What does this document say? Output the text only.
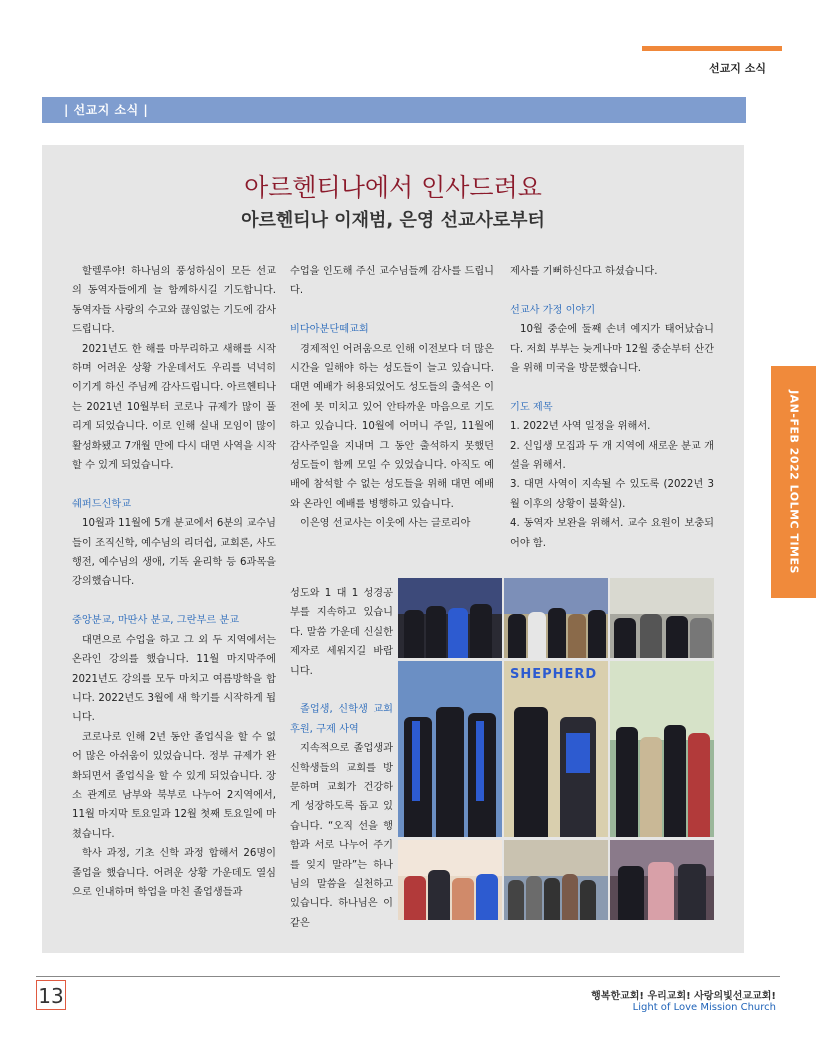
선교지 소식
| 선교지 소식 |
아르헨티나에서 인사드려요
아르헨티나 이재범, 은영 선교사로부터

할렐루야! 하나님의 풍성하심이 모든 선교의 동역자들에게 늘 함께하시길 기도합니다. 동역자들 사랑의 수고와 끊임없는 기도에 감사드립니다.

2021년도 한 해를 마무리하고 새해를 시작하며 어려운 상황 가운데서도 우리를 넉넉히 이기게 하신 주님께 감사드립니다. 아르헨티나는 2021년 10월부터 코로나 규제가 많이 풀리게 되었습니다. 이로 인해 실내 모임이 많이 활성화됐고 7개월 만에 다시 대면 사역을 시작할 수 있게 되었습니다.

쉐퍼드신학교

10월과 11월에 5개 분교에서 6분의 교수님들이 조직신학, 예수님의 리더쉽, 교회론, 사도행전, 예수님의 생애, 기독 윤리학 등 6과목을 강의했습니다.

중앙분교, 마딴사 분교, 그란부르 분교

대면으로 수업을 하고 그 외 두 지역에서는 온라인 강의를 했습니다. 11월 마지막주에 2021년도 강의를 모두 마치고 여름방학을 합니다. 2022년도 3월에 새 학기를 시작하게 됩니다.

코로나로 인해 2년 동안 졸업식을 할 수 없어 많은 아쉬움이 있었습니다. 정부 규제가 완화되면서 졸업식을 할 수 있게 되었습니다. 장소 관계로 남부와 북부로 나누어 2지역에서, 11월 마지막 토요일과 12월 첫째 토요일에 마쳤습니다.

학사 과정, 기초 신학 과정 합해서 26명이 졸업을 했습니다. 어려운 상황 가운데도 열심으로 인내하며 학업을 마친 졸업생들과

수업을 인도해 주신 교수님들께 감사를 드립니다.

비다아분단떼교회

경제적인 어려움으로 인해 이전보다 더 많은 시간을 일해야 하는 성도들이 늘고 있습니다. 대면 예배가 허용되었어도 성도들의 출석은 이전에 못 미치고 있어 안타까운 마음으로 기도하고 있습니다. 10월에 어머니 주일, 11월에 감사주일을 지내며 그 동안 출석하지 못했던 성도들이 함께 모일 수 있었습니다. 아직도 예배에 참석할 수 없는 성도들을 위해 대면 예배와 온라인 예배를 병행하고 있습니다.

이은영 선교사는 이웃에 사는 글로리아

성도와 1 대 1 성경공부를 지속하고 있습니다. 말씀 가운데 신실한 제자로 세워지길 바랍니다.

졸업생, 신학생 교회 후원, 구제 사역

지속적으로 졸업생과 신학생들의 교회를 방문하며 교회가 건강하게 성장하도록 돕고 있습니다. “오직 선을 행함과 서로 나누어 주기를 잊지 말라”는 하나님의 말씀을 실천하고 있습니다. 하나님은 이 같은

제사를 기뻐하신다고 하셨습니다.

선교사 가정 이야기

10월 중순에 둘째 손녀 예지가 태어났습니다. 저희 부부는 늦게나마 12월 중순부터 산간을 위해 미국을 방문했습니다.

기도 제목
1. 2022년 사역 일정을 위해서.
2. 신입생 모집과 두 개 지역에 새로운 분교 개설을 위해서.
3. 대면 사역이 지속될 수 있도록 (2022년 3월 이후의 상황이 불확실).
4. 동역자 보완을 위해서. 교수 요원이 보충되어야 함.	JAN-FEB 2022 LOLMC TIMES
SHEPHERD
13	행복한교회! 우리교회! 사랑의빛선교교회!
Light of Love Mission Church
